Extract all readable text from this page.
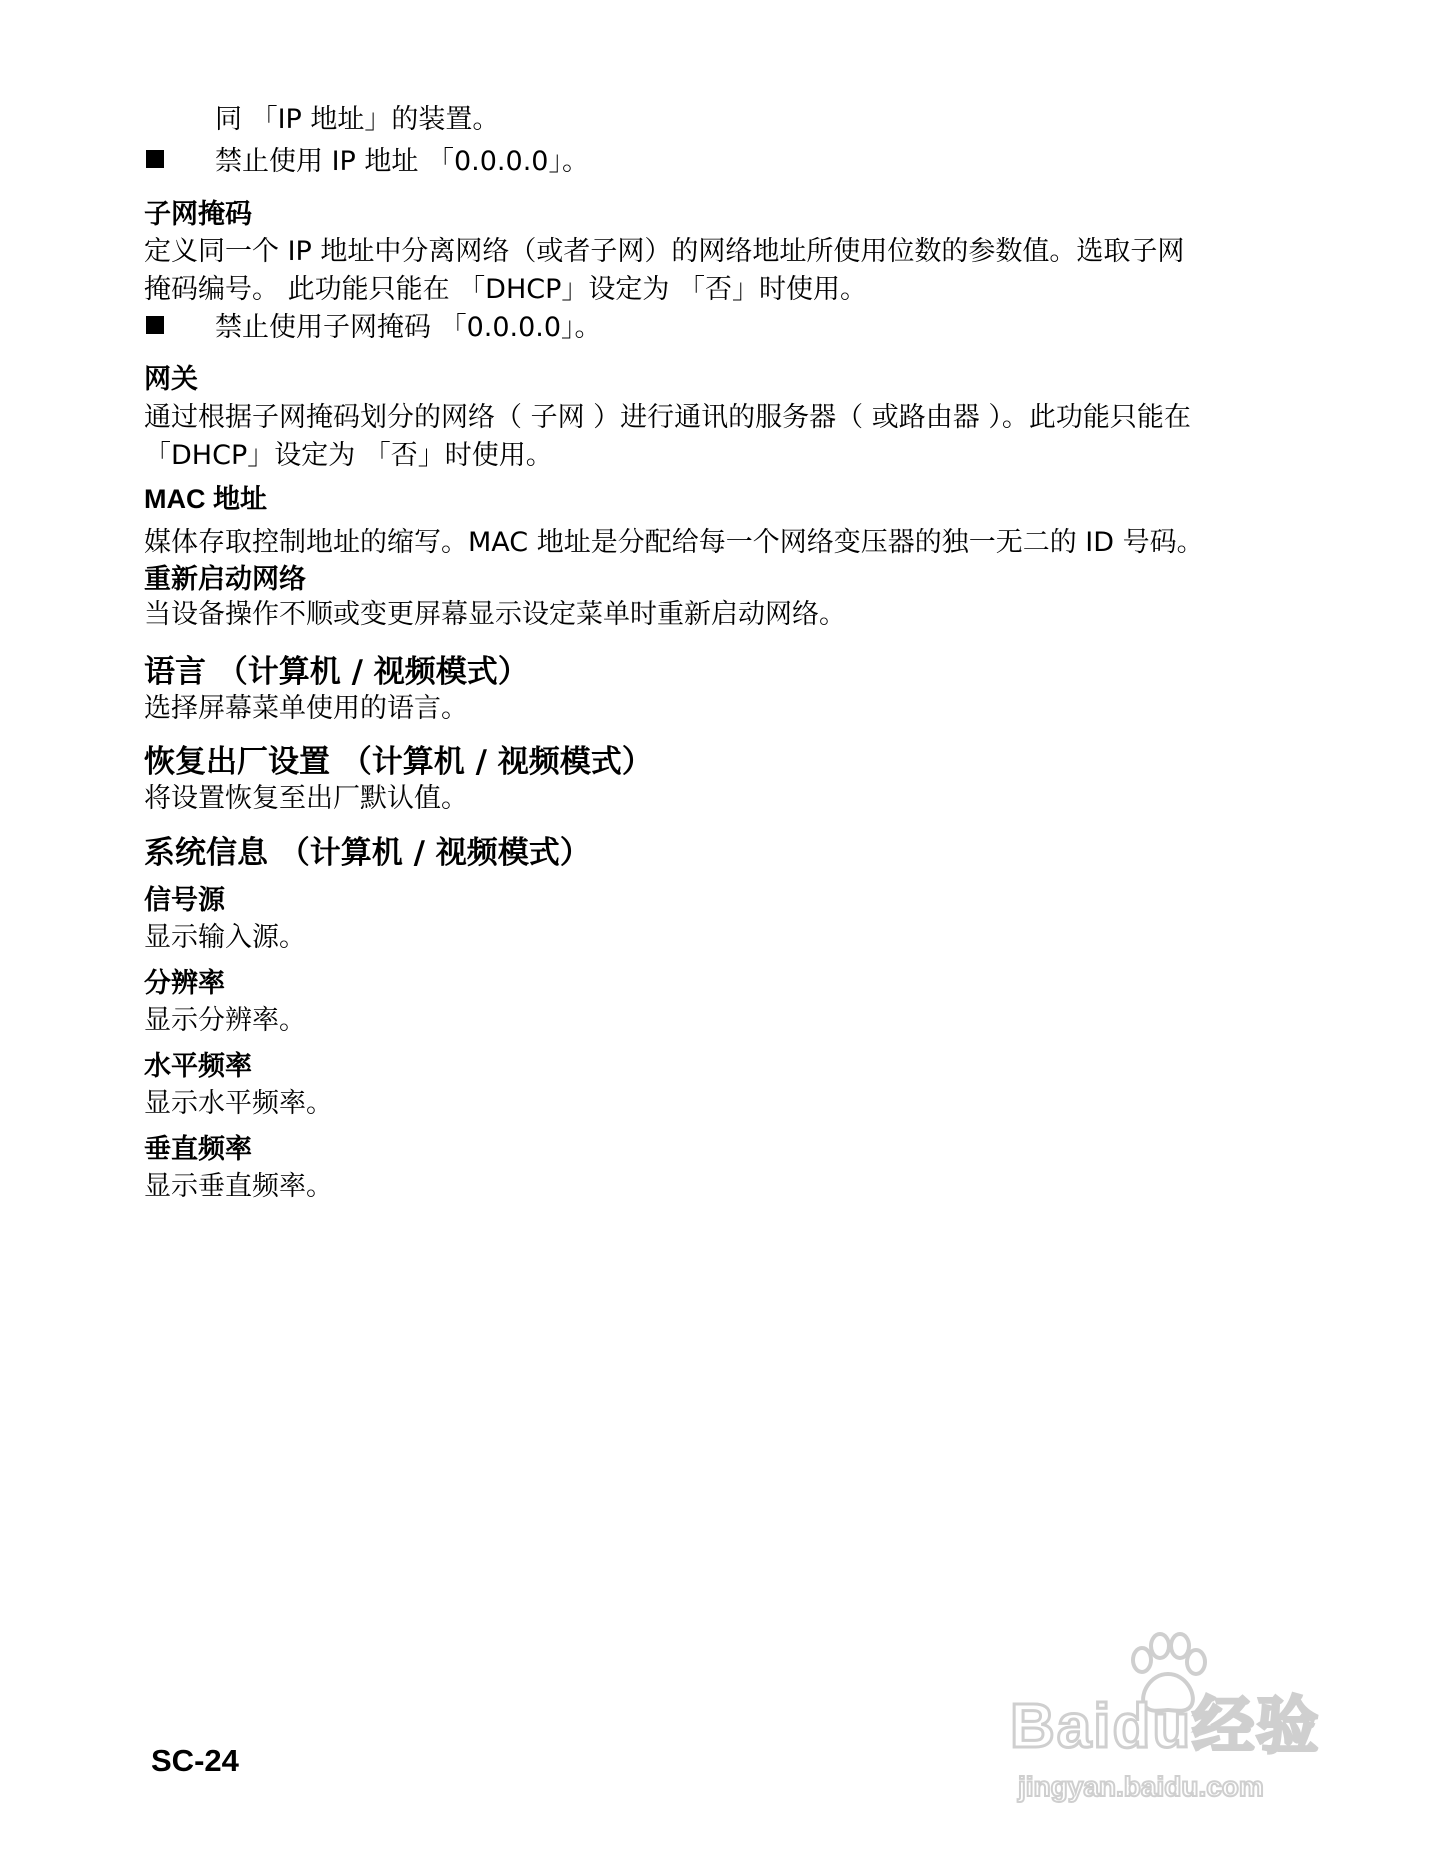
同 「IP 地址」的装置。
禁止使用 IP 地址 「0.0.0.0」。
子网掩码
定义同一个 IP 地址中分离网络（或者子网）的网络地址所使用位数的参数值。选取子网
掩码编号。 此功能只能在 「DHCP」设定为 「否」时使用。
禁止使用子网掩码 「0.0.0.0」。
网关
通过根据子网掩码划分的网络（ 子网 ）进行通讯的服务器（ 或路由器 ）。此功能只能在
「DHCP」设定为 「否」时使用。
MAC 地址
媒体存取控制地址的缩写。MAC 地址是分配给每一个网络变压器的独一无二的 ID 号码。
重新启动网络
当设备操作不顺或变更屏幕显示设定菜单时重新启动网络。
语言 （计算机 / 视频模式）
选择屏幕菜单使用的语言。
恢复出厂设置 （计算机 / 视频模式）
将设置恢复至出厂默认值。
系统信息 （计算机 / 视频模式）
信号源
显示输入源。
分辨率
显示分辨率。
水平频率
显示水平频率。
垂直频率
显示垂直频率。
SC-24	Baidu经验
jingyan.baidu.com
